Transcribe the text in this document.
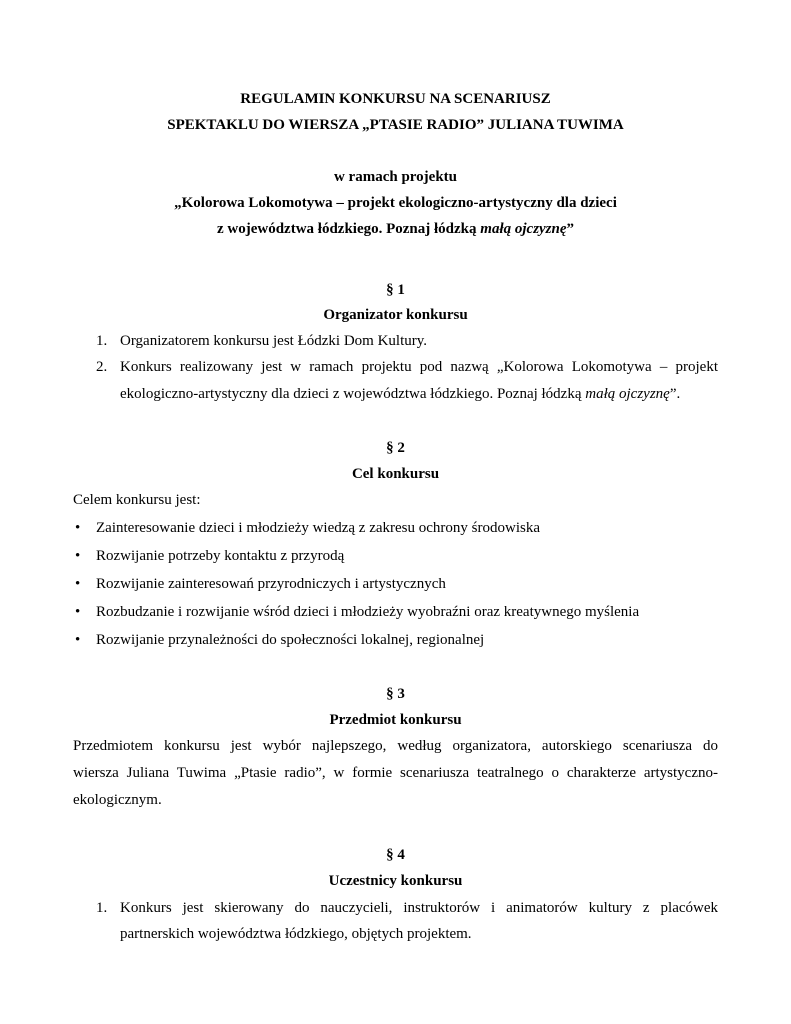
REGULAMIN KONKURSU NA SCENARIUSZ
SPEKTAKLU DO WIERSZA „PTASIE RADIO” JULIANA TUWIMA
w ramach projektu
„Kolorowa Lokomotywa – projekt ekologiczno-artystyczny dla dzieci
z województwa łódzkiego. Poznaj łódzką małą ojczyznę”
§ 1
Organizator konkursu
1. Organizatorem konkursu jest Łódzki Dom Kultury.
2. Konkurs realizowany jest w ramach projektu pod nazwą „Kolorowa Lokomotywa – projekt
ekologiczno-artystyczny dla dzieci z województwa łódzkiego. Poznaj łódzką małą ojczyznę”.
§ 2
Cel konkursu
Celem konkursu jest:
• Zainteresowanie dzieci i młodzieży wiedzą z zakresu ochrony środowiska
• Rozwijanie potrzeby kontaktu z przyrodą
• Rozwijanie zainteresowań przyrodniczych i artystycznych
• Rozbudzanie i rozwijanie wśród dzieci i młodzieży wyobraźni oraz kreatywnego myślenia
• Rozwijanie przynależności do społeczności lokalnej, regionalnej
§ 3
Przedmiot konkursu
Przedmiotem konkursu jest wybór najlepszego, według organizatora, autorskiego scenariusza do
wiersza Juliana Tuwima „Ptasie radio”, w formie scenariusza teatralnego o charakterze artystyczno-
ekologicznym.
§ 4
Uczestnicy konkursu
1. Konkurs jest skierowany do nauczycieli, instruktorów i animatorów kultury z placówek
partnerskich województwa łódzkiego, objętych projektem.
